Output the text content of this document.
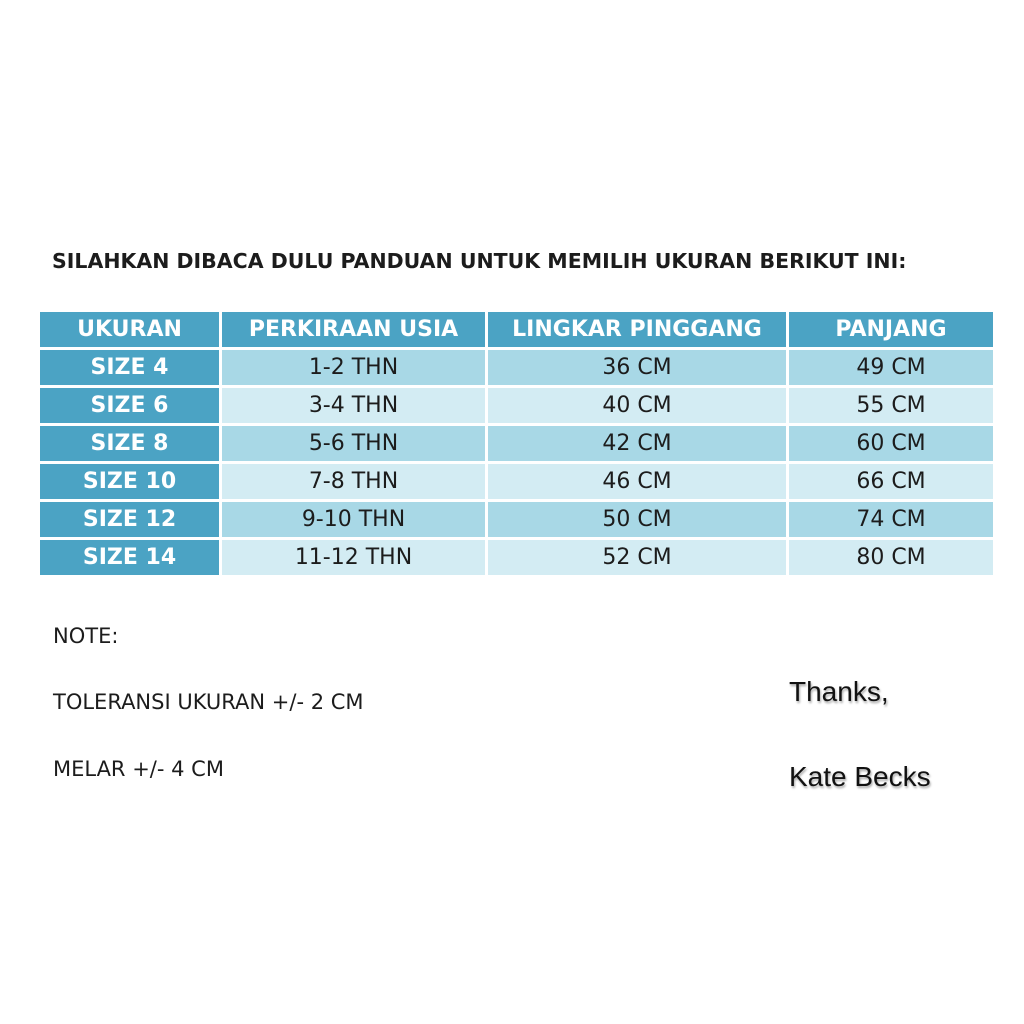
SILAHKAN DIBACA DULU PANDUAN UNTUK MEMILIH UKURAN BERIKUT INI:
UKURAN	PERKIRAAN USIA	LINGKAR PINGGANG	PANJANG
SIZE 4	1-2 THN	36 CM	49 CM
SIZE 6	3-4 THN	40 CM	55 CM
SIZE 8	5-6 THN	42 CM	60 CM
SIZE 10	7-8 THN	46 CM	66 CM
SIZE 12	9-10 THN	50 CM	74 CM
SIZE 14	11-12 THN	52 CM	80 CM
NOTE:
TOLERANSI UKURAN +/- 2 CM
MELAR +/- 4 CM
Thanks,
Kate Becks
